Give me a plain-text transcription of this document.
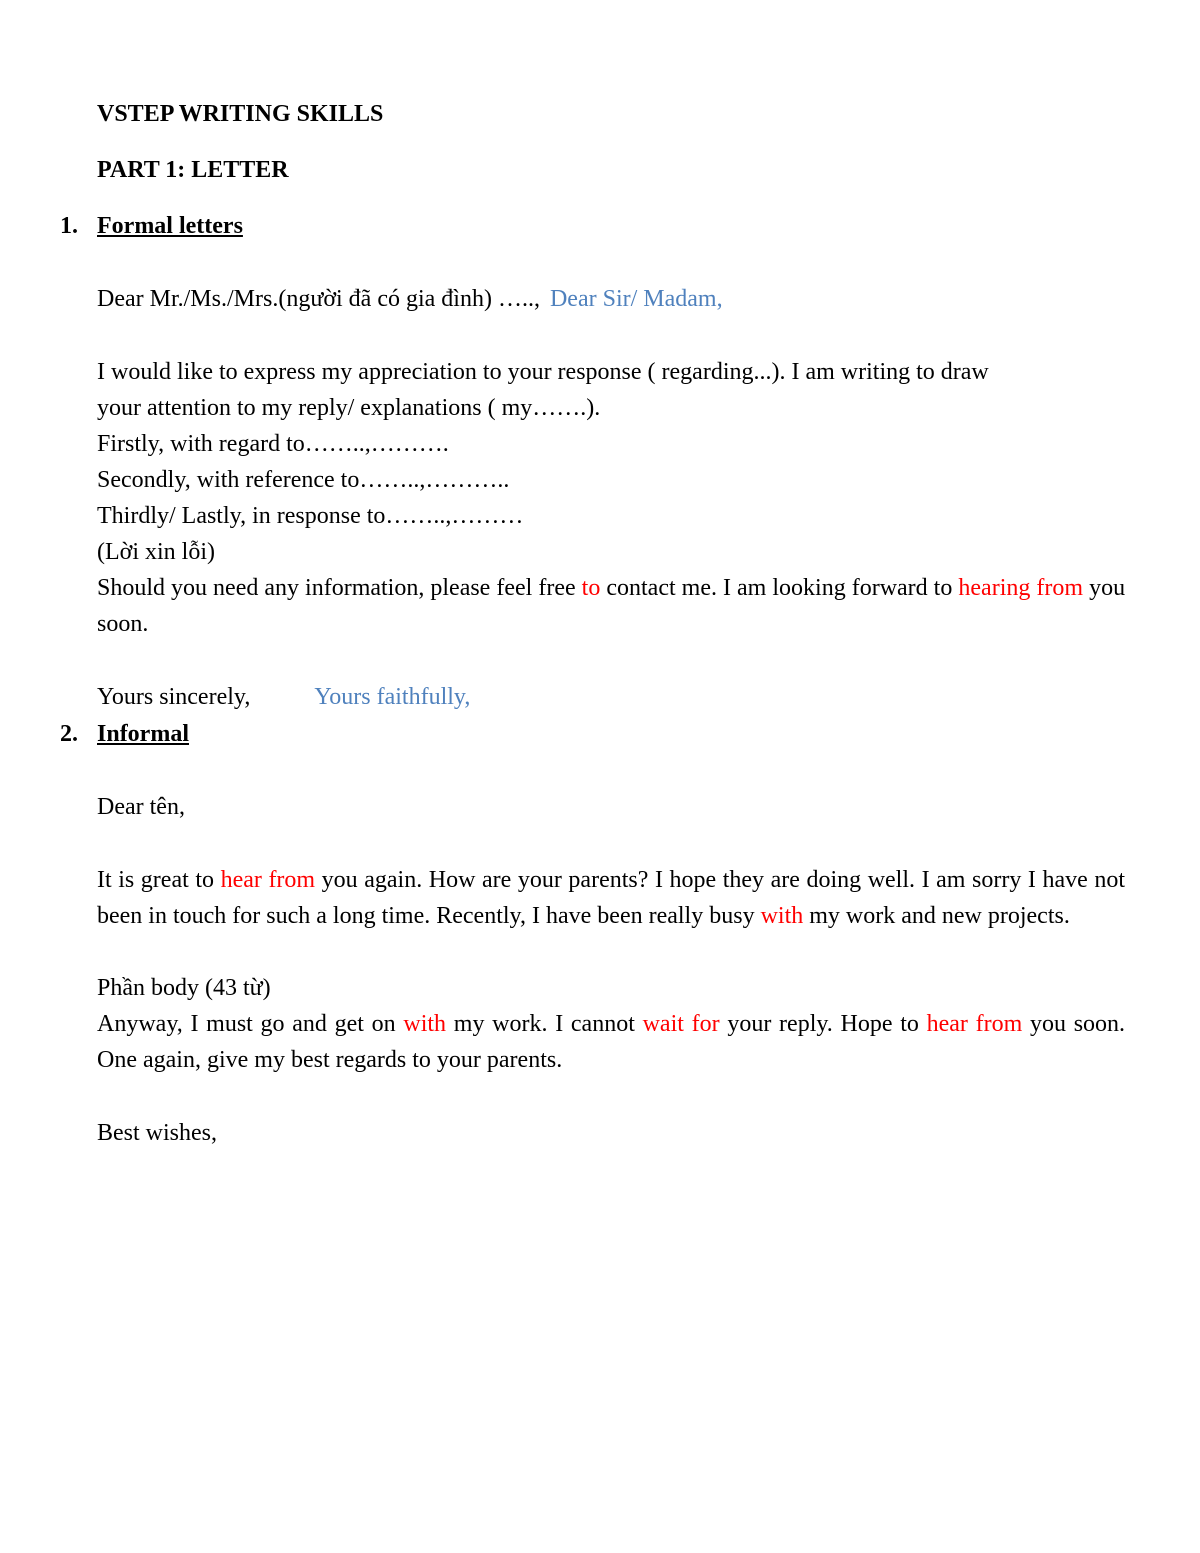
VSTEP WRITING SKILLS
PART 1: LETTER
1. Formal letters
Dear Mr./Ms./Mrs.(người đã có gia đình) ….., Dear Sir/ Madam,
I would like to express my appreciation to your response ( regarding...). I am writing to draw
your attention to my reply/ explanations ( my…….).
Firstly, with regard to……..,……….
Secondly, with reference to……..,………..
Thirdly/ Lastly, in response to……..,………
(Lời xin lỗi)
Should you need any information, please feel free to contact me. I am looking forward to hearing from you soon.
Yours sincerely,	Yours faithfully,
2. Informal
Dear tên,
It is great to hear from you again. How are your parents? I hope they are doing well. I am sorry I have not been in touch for such a long time. Recently, I have been really busy with my work and new projects.
Phần body (43 từ)
Anyway, I must go and get on with my work. I cannot wait for your reply. Hope to hear from you soon. One again, give my best regards to your parents.
Best wishes,
